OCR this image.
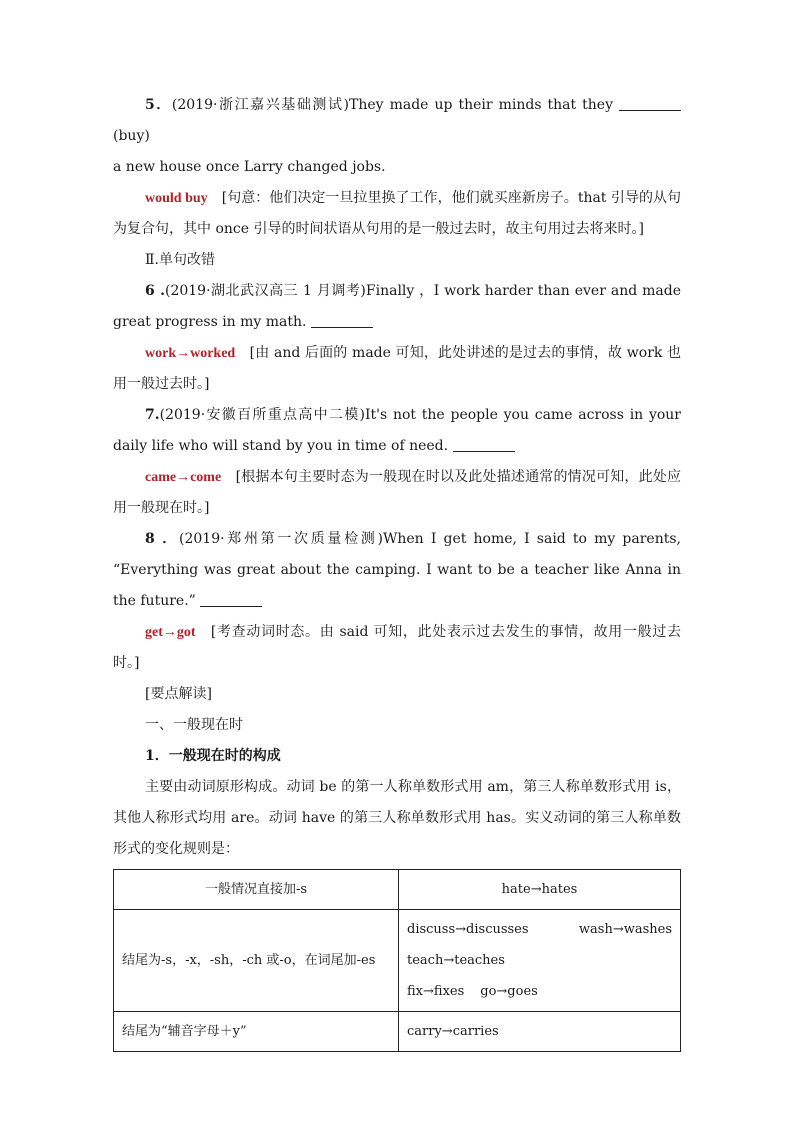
5．(2019·浙江嘉兴基础测试)They made up their minds that they (buy)

a new house once Larry changed jobs.

would buy　 [句意：他们决定一旦拉里换了工作，他们就买座新房子。that 引导的从句为复合句，其中 once 引导的时间状语从句用的是一般过去时，故主句用过去将来时。]

Ⅱ.单句改错

6 .(2019·湖北武汉高三 1 月调考)Finally ，I work harder than ever and made great progress in my math.

work→worked　 [由 and 后面的 made 可知，此处讲述的是过去的事情，故 work 也用一般过去时。]

7.(2019·安徽百所重点高中二模)It's not the people you came across in your daily life who will stand by you in time of need.

came→come　 [根据本句主要时态为一般现在时以及此处描述通常的情况可知，此处应用一般现在时。]

8 ．(2019·郑州第一次质量检测)When I get home, I said to my parents, “Everything was great about the camping. I want to be a teacher like Anna in the future.”

get→got　 [考查动词时态。由 said 可知，此处表示过去发生的事情，故用一般过去时。]

[要点解读]

一、一般现在时

1．一般现在时的构成

主要由动词原形构成。动词 be 的第一人称单数形式用 am，第三人称单数形式用 is，其他人称形式均用 are。动词 have 的第三人称单数形式用 has。实义动词的第三人称单数形式的变化规则是：

一般情况直接加-s	hate→hates
结尾为-s，-x，-sh，-ch 或-o，在词尾加-es	discuss→discusses wash→washes
teach→teaches
fix→fixes go→goes

结尾为“辅音字母＋y”	carry→carries
